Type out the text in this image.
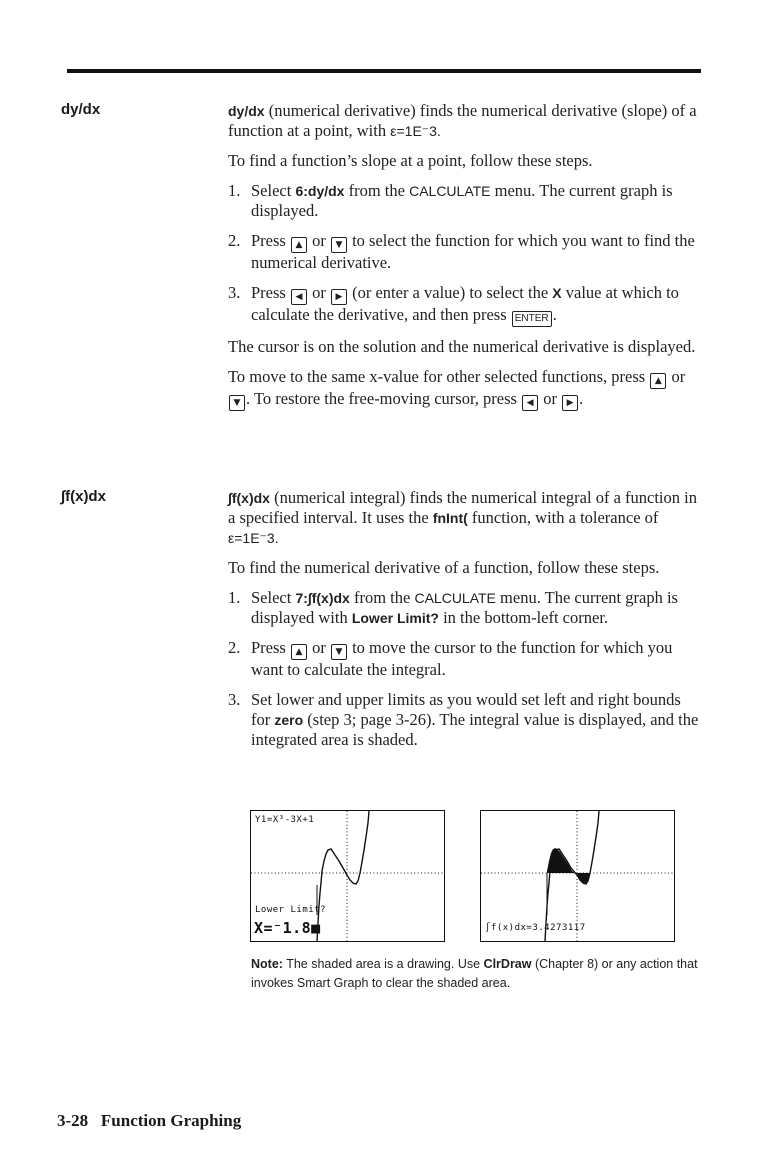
dy/dx	dy/dx (numerical derivative) finds the numerical derivative (slope) of a function at a point, with ε=1E⁻3.

To find a function’s slope at a point, follow these steps.

1. Select 6:dy/dx from the CALCULATE menu. The current graph is displayed.
2. Press ▲ or ▼ to select the function for which you want to find the numerical derivative.
3. Press ◀ or ▶ (or enter a value) to select the X value at which to calculate the derivative, and then press ENTER .

The cursor is on the solution and the numerical derivative is displayed.

To move to the same x-value for other selected functions, press ▲ or ▼ . To restore the free-moving cursor, press ◀ or ▶ .

∫f(x)dx	∫f(x)dx (numerical integral) finds the numerical integral of a function in a specified interval. It uses the fnInt( function, with a tolerance of ε=1E⁻3.

To find the numerical derivative of a function, follow these steps.

1. Select 7:∫f(x)dx from the CALCULATE menu. The current graph is displayed with Lower Limit? in the bottom-left corner.
2. Press ▲ or ▼ to move the cursor to the function for which you want to calculate the integral.
3. Set lower and upper limits as you would set left and right bounds for zero (step 3; page 3-26). The integral value is displayed, and the integrated area is shaded.
Y1=X³-3X+1
Lower Limit?
X=⁻1.8■	∫f(x)dx=3.4273117
Note: The shaded area is a drawing. Use ClrDraw (Chapter 8) or any action that invokes Smart Graph to clear the shaded area.
3-28 Function Graphing
